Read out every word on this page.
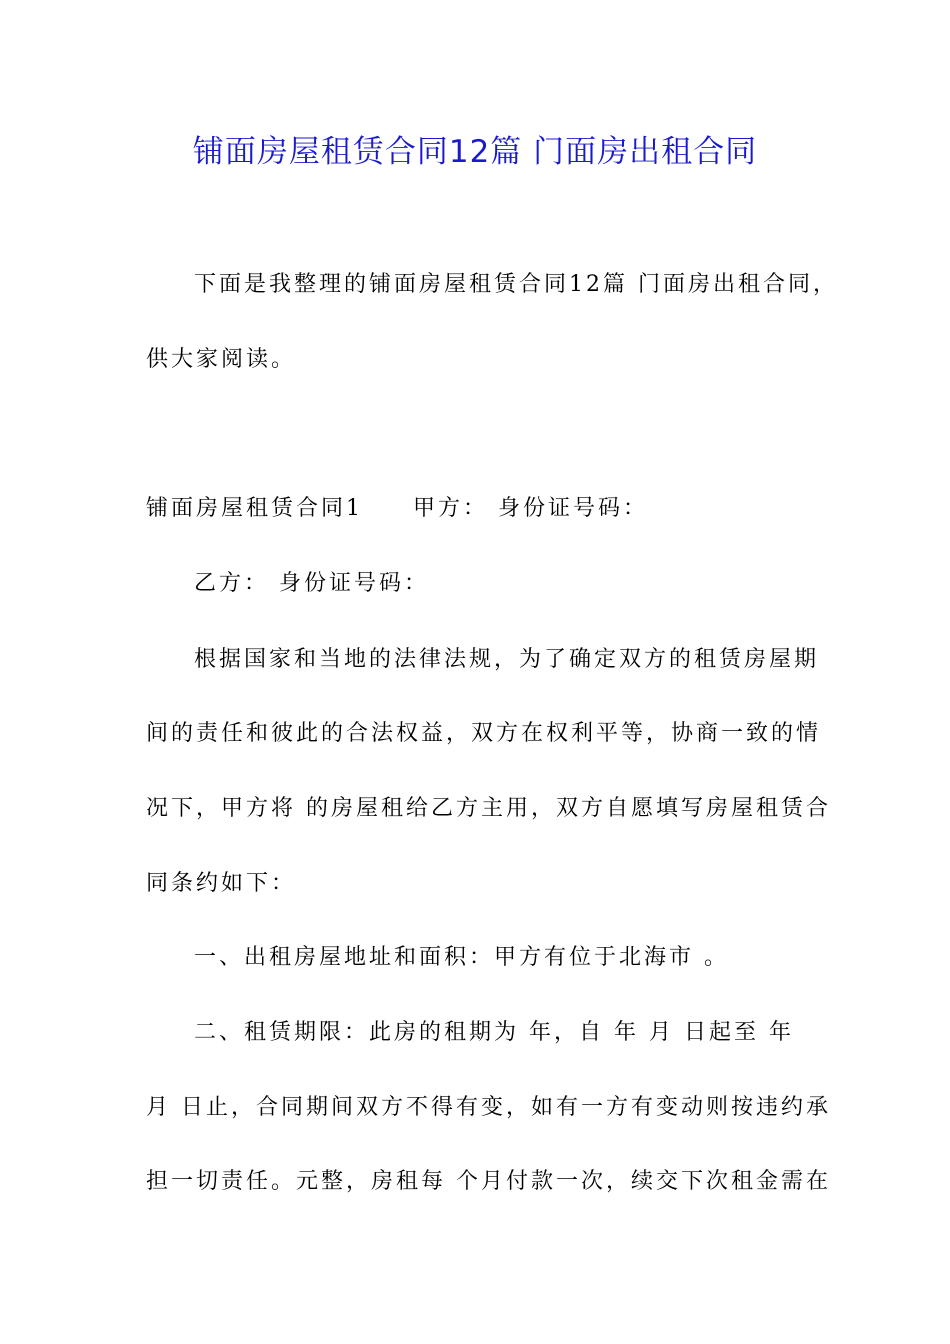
铺面房屋租赁合同12篇 门面房出租合同
下面是我整理的铺面房屋租赁合同12篇 门面房出租合同，
供大家阅读。
铺面房屋租赁合同1　　甲方： 身份证号码：
乙方： 身份证号码：
根据国家和当地的法律法规，为了确定双方的租赁房屋期
间的责任和彼此的合法权益，双方在权利平等，协商一致的情
况下，甲方将 的房屋租给乙方主用，双方自愿填写房屋租赁合
同条约如下：
一、出租房屋地址和面积：甲方有位于北海市 。
二、租赁期限：此房的租期为 年，自 年 月 日起至 年
月 日止，合同期间双方不得有变，如有一方有变动则按违约承
担一切责任。元整，房租每 个月付款一次，续交下次租金需在
